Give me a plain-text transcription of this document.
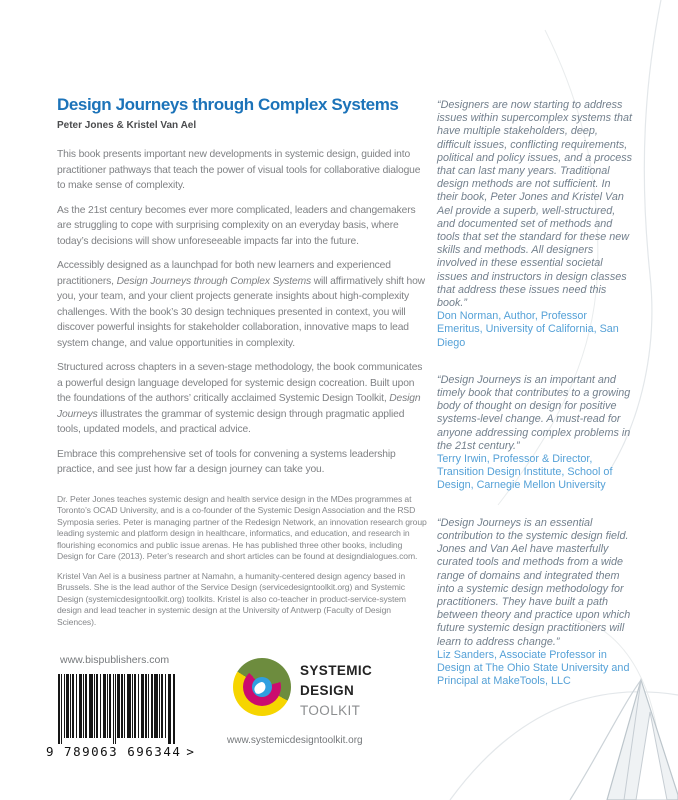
Design Journeys through Complex Systems
Peter Jones & Kristel Van Ael

This book presents important new developments in systemic design, guided into practitioner pathways that teach the power of visual tools for collaborative dialogue to make sense of complexity.

As the 21st century becomes ever more complicated, leaders and changemakers are struggling to cope with surprising complexity on an everyday basis, where today’s decisions will show unforeseeable impacts far into the future.

Accessibly designed as a launchpad for both new learners and experienced practitioners, Design Journeys through Complex Systems will affirmatively shift how you, your team, and your client projects generate insights about high-complexity challenges. With the book’s 30 design techniques presented in context, you will discover powerful insights for stakeholder collaboration, innovative maps to lead system change, and value opportunities in complexity.

Structured across chapters in a seven-stage methodology, the book communicates a powerful design language developed for systemic design cocreation. Built upon the foundations of the authors’ critically acclaimed Systemic Design Toolkit, Design Journeys illustrates the grammar of systemic design through pragmatic applied tools, updated models, and practical advice.

Embrace this comprehensive set of tools for convening a systems leadership practice, and see just how far a design journey can take you.

Dr. Peter Jones teaches systemic design and health service design in the MDes programmes at Toronto’s OCAD University, and is a co-founder of the Systemic Design Association and the RSD Symposia series. Peter is managing partner of the Redesign Network, an innovation research group leading systemic and platform design in healthcare, informatics, and education, and research in flourishing economics and public issue arenas. He has published three other books, including Design for Care (2013). Peter’s research and short articles can be found at designdialogues.com.

Kristel Van Ael is a business partner at Namahn, a humanity-centered design agency based in Brussels. She is the lead author of the Service Design (servicedesigntoolkit.org) and Systemic Design (systemicdesigntoolkit.org) toolkits. Kristel is also co-teacher in product-service-system design and lead teacher in systemic design at the University of Antwerp (Faculty of Design Sciences).

“Designers are now starting to address issues within supercomplex systems that have multiple stakeholders, deep, difficult issues, conflicting requirements, political and policy issues, and a process that can last many years. Traditional design methods are not sufficient. In their book, Peter Jones and Kristel Van Ael provide a superb, well-structured, and documented set of methods and tools that set the standard for these new skills and methods. All designers involved in these essential societal issues and instructors in design classes that address these issues need this book.”

Don Norman, Author, Professor Emeritus, University of California, San Diego

“Design Journeys is an important and timely book that contributes to a growing body of thought on design for positive systems-level change. A must-read for anyone addressing complex problems in the 21st century.”

Terry Irwin, Professor & Director, Transition Design Institute, School of Design, Carnegie Mellon University

“Design Journeys is an essential contribution to the systemic design field. Jones and Van Ael have masterfully curated tools and methods from a wide range of domains and integrated them into a systemic design methodology for practitioners. They have built a path between theory and practice upon which future systemic design practitioners will learn to address change.”

Liz Sanders, Associate Professor in Design at The Ohio State University and Principal at MakeTools, LLC

www.bispublishers.com
9 789063 696344 >
SYSTEMIC
DESIGN
TOOLKIT
www.systemicdesigntoolkit.org
